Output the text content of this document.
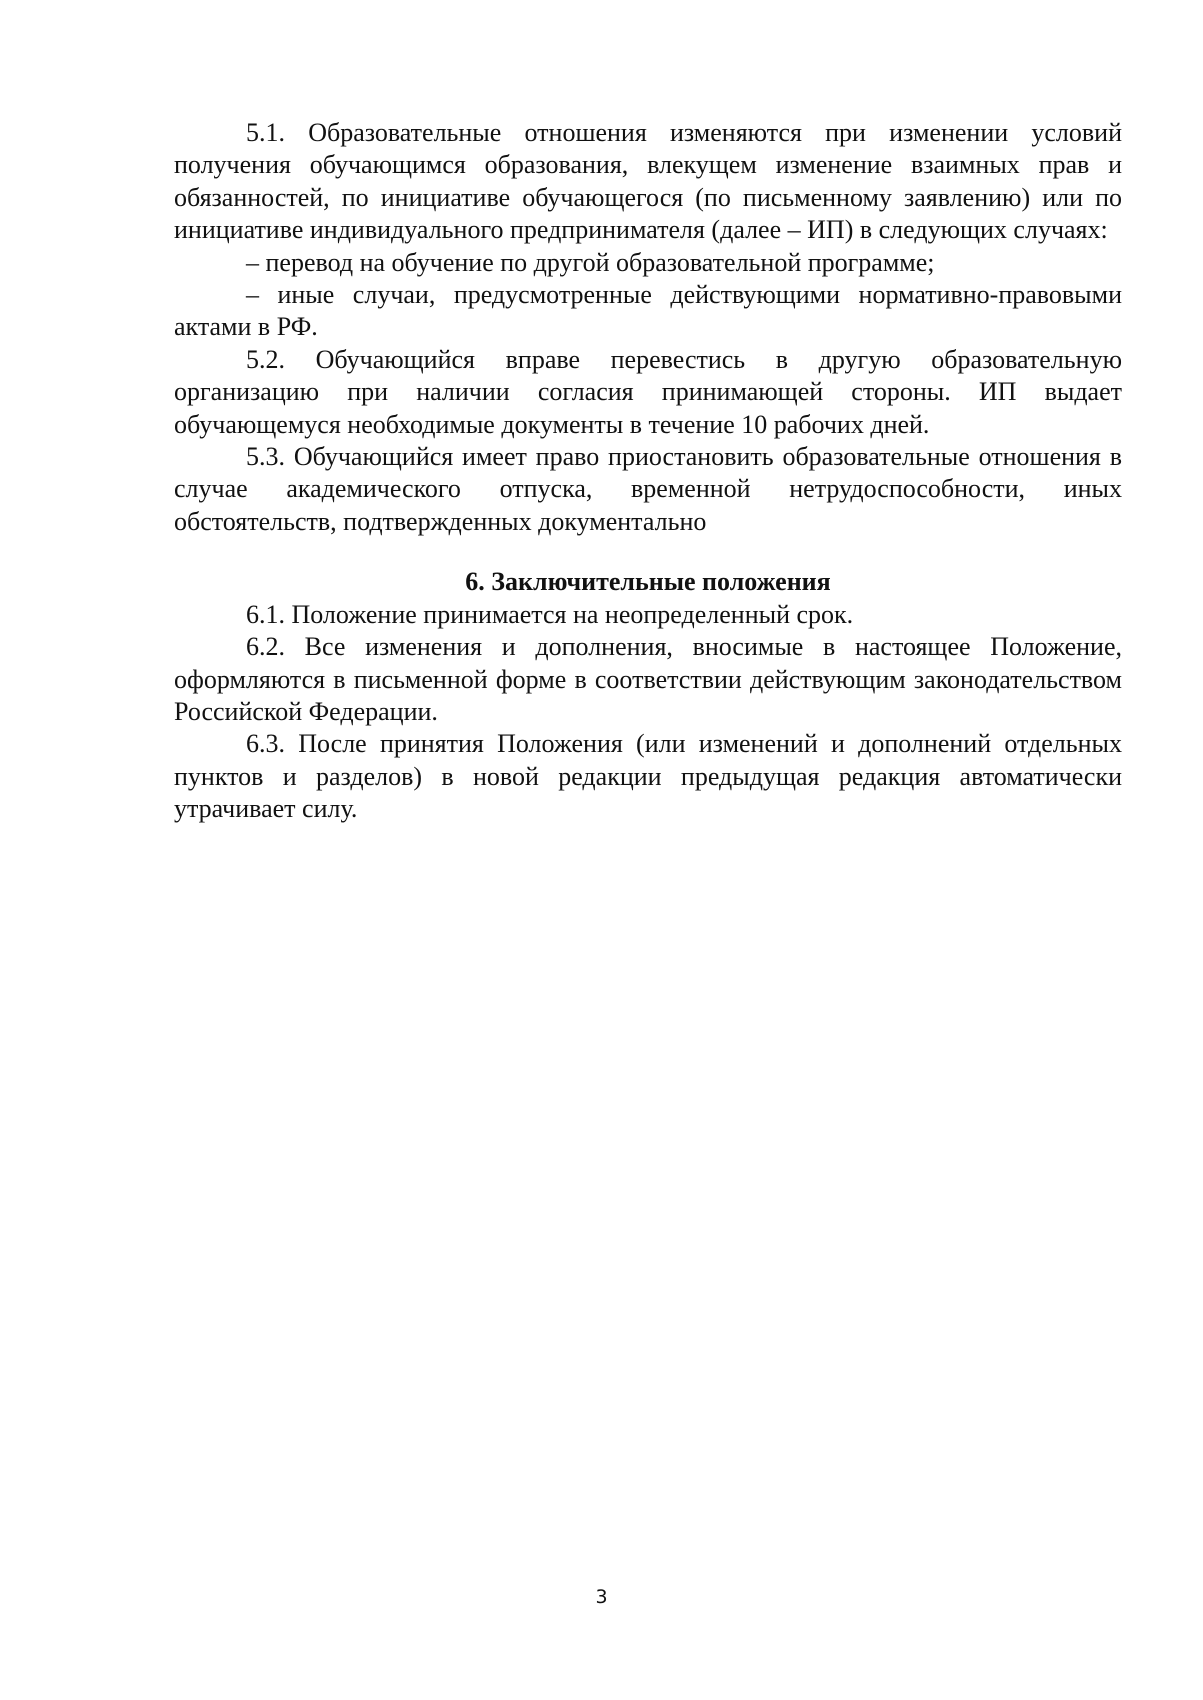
5.1. Образовательные отношения изменяются при изменении условий получения обучающимся образования, влекущем изменение взаимных прав и обязанностей, по инициативе обучающегося (по письменному заявлению) или по инициативе индивидуального предпринимателя (далее – ИП) в следующих случаях:

– перевод на обучение по другой образовательной программе;

– иные случаи, предусмотренные действующими нормативно-правовыми актами в РФ.

5.2. Обучающийся вправе перевестись в другую образовательную организацию при наличии согласия принимающей стороны. ИП выдает обучающемуся необходимые документы в течение 10 рабочих дней.

5.3. Обучающийся имеет право приостановить образовательные отношения в случае академического отпуска, временной нетрудоспособности, иных обстоятельств, подтвержденных документально

6. Заключительные положения

6.1. Положение принимается на неопределенный срок.

6.2. Все изменения и дополнения, вносимые в настоящее Положение, оформляются в письменной форме в соответствии действующим законодательством Российской Федерации.

6.3. После принятия Положения (или изменений и дополнений отдельных пунктов и разделов) в новой редакции предыдущая редакция автоматически утрачивает силу.

3
